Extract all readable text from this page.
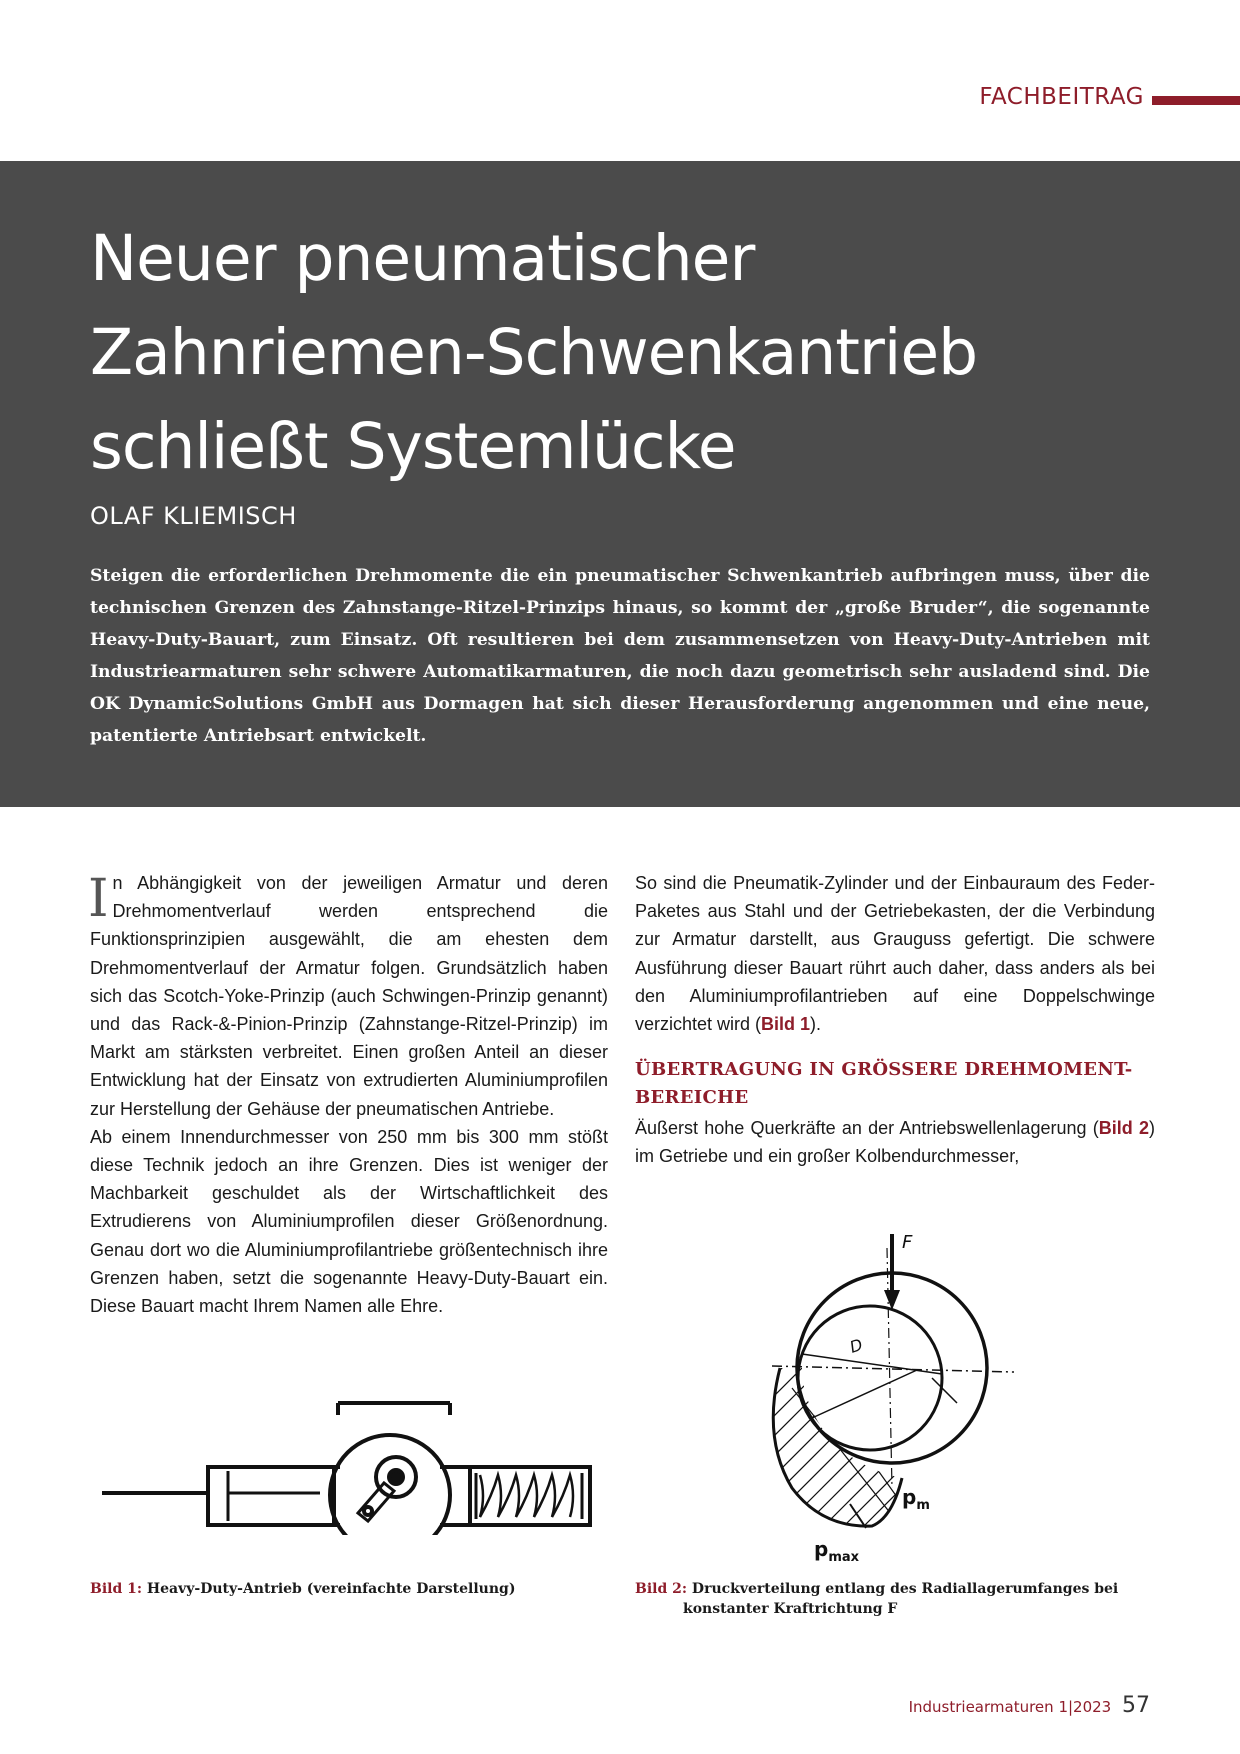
FACHBEITRAG
Neuer pneumatischer
Zahnriemen-Schwenkantrieb
schließt Systemlücke
OLAF KLIEMISCH

Steigen die erforderlichen Drehmomente die ein pneumatischer Schwenkantrieb aufbringen muss, über die technischen Grenzen des Zahnstange-Ritzel-Prinzips hinaus, so kommt der „große Bruder“, die sogenannte Heavy-Duty-Bauart, zum Einsatz. Oft resultieren bei dem zusammensetzen von Heavy-Duty-Antrieben mit Industriearmaturen sehr schwere Automatikarmaturen, die noch dazu geometrisch sehr ausladend sind. Die OK DynamicSolutions GmbH aus Dormagen hat sich dieser Herausforderung angenommen und eine neue, patentierte Antriebsart entwickelt.

In Abhängigkeit von der jeweiligen Armatur und deren Drehmomentverlauf werden entsprechend die Funktionsprinzipien ausgewählt, die am ehesten dem Drehmomentverlauf der Armatur folgen. Grundsätzlich haben sich das Scotch-Yoke-Prinzip (auch Schwingen-Prinzip genannt) und das Rack-&-Pinion-Prinzip (Zahnstange-Ritzel-Prinzip) im Markt am stärksten verbreitet. Einen großen Anteil an dieser Entwicklung hat der Einsatz von extrudierten Aluminiumprofilen zur Herstellung der Gehäuse der pneumatischen Antriebe.

Ab einem Innendurchmesser von 250 mm bis 300 mm stößt diese Technik jedoch an ihre Grenzen. Dies ist weniger der Machbarkeit geschuldet als der Wirtschaftlichkeit des Extrudierens von Aluminiumprofilen dieser Größenordnung. Genau dort wo die Aluminiumprofilantriebe größentechnisch ihre Grenzen haben, setzt die sogenannte Heavy-Duty-Bauart ein. Diese Bauart macht Ihrem Namen alle Ehre.

So sind die Pneumatik-Zylinder und der Einbauraum des Feder-Paketes aus Stahl und der Getriebekasten, der die Verbindung zur Armatur darstellt, aus Grauguss gefertigt. Die schwere Ausführung dieser Bauart rührt auch daher, dass anders als bei den Aluminiumprofilantrieben auf eine Doppelschwinge verzichtet wird (Bild 1).

ÜBERTRAGUNG IN GRÖSSERE DREHMOMENT-
BEREICHE

Äußerst hohe Querkräfte an der Antriebswellenlagerung (Bild 2) im Getriebe und ein großer Kolbendurchmesser,

F
D
$p_m$
$p_{max}$
Bild 1: Heavy-Duty-Antrieb (vereinfachte Darstellung)	Bild 2: Druckverteilung entlang des Radiallagerumfanges bei
konstanter Kraftrichtung F
Industriearmaturen 1|2023 57
